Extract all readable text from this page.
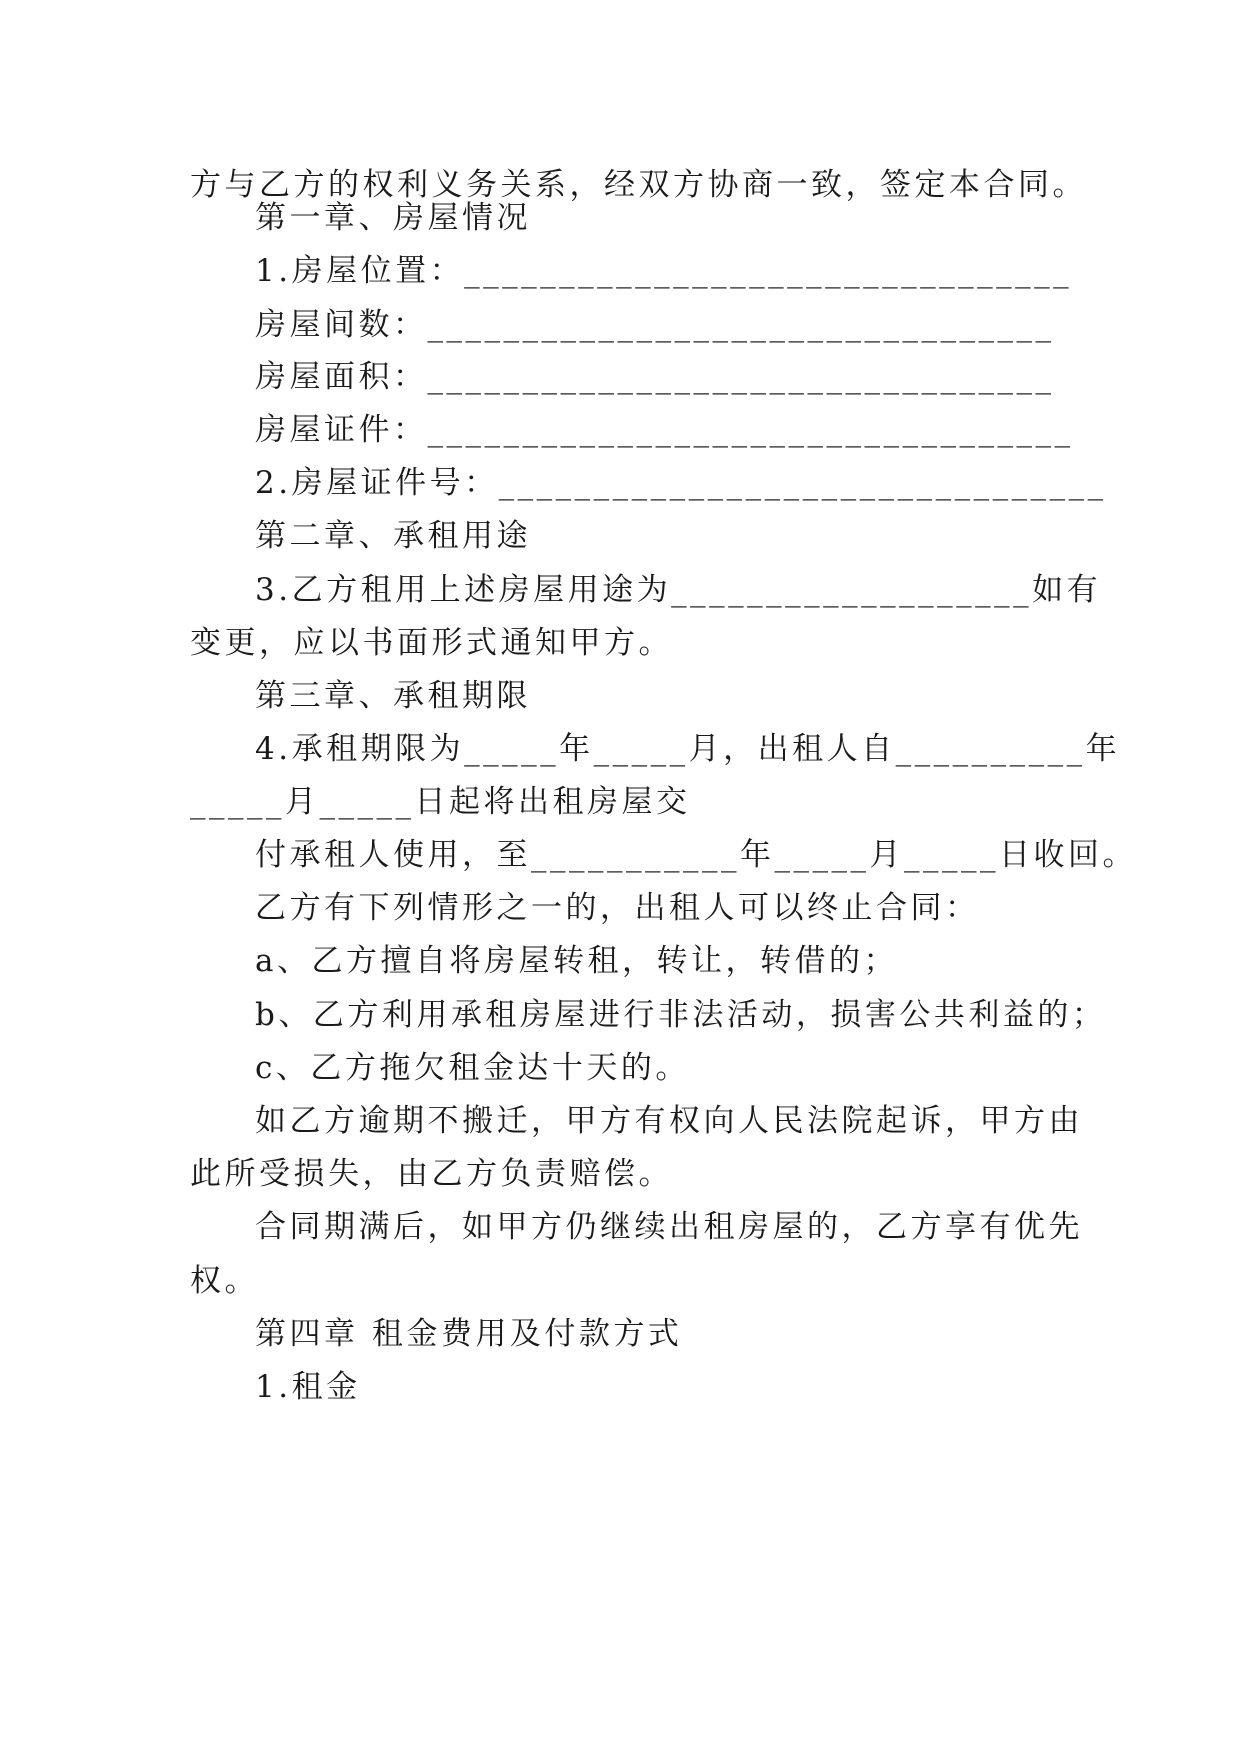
方与乙方的权利义务关系，经双方协商一致，签定本合同。
第一章、房屋情况
1.房屋位置：________________________________
房屋间数：_________________________________
房屋面积：_________________________________
房屋证件：__________________________________
2.房屋证件号：________________________________
第二章、承租用途
3.乙方租用上述房屋用途为___________________如有
变更，应以书面形式通知甲方。
第三章、承租期限
4.承租期限为_____年_____月，出租人自__________年
_____月_____日起将出租房屋交
付承租人使用，至___________年_____月_____日收回。
乙方有下列情形之一的，出租人可以终止合同：
a、乙方擅自将房屋转租，转让，转借的；
b、乙方利用承租房屋进行非法活动，损害公共利益的；
c、乙方拖欠租金达十天的。
如乙方逾期不搬迁，甲方有权向人民法院起诉，甲方由
此所受损失，由乙方负责赔偿。
合同期满后，如甲方仍继续出租房屋的，乙方享有优先
权。
第四章 租金费用及付款方式
1.租金
